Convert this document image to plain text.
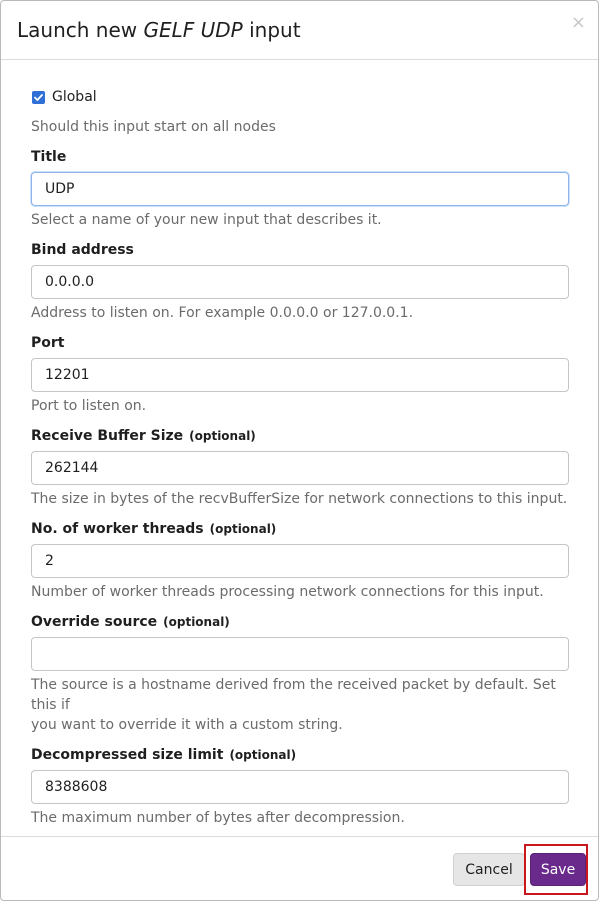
Launch new GELF UDP input	×
Global
Should this input start on all nodes
Title
UDP
Select a name of your new input that describes it.
Bind address
0.0.0.0
Address to listen on. For example 0.0.0.0 or 127.0.0.1.
Port
12201
Port to listen on.
Receive Buffer Size (optional)
262144
The size in bytes of the recvBufferSize for network connections to this input.
No. of worker threads (optional)
2
Number of worker threads processing network connections for this input.
Override source (optional)
The source is a hostname derived from the received packet by default. Set this if
you want to override it with a custom string.
Decompressed size limit (optional)
8388608
The maximum number of bytes after decompression.
Cancel	Save
